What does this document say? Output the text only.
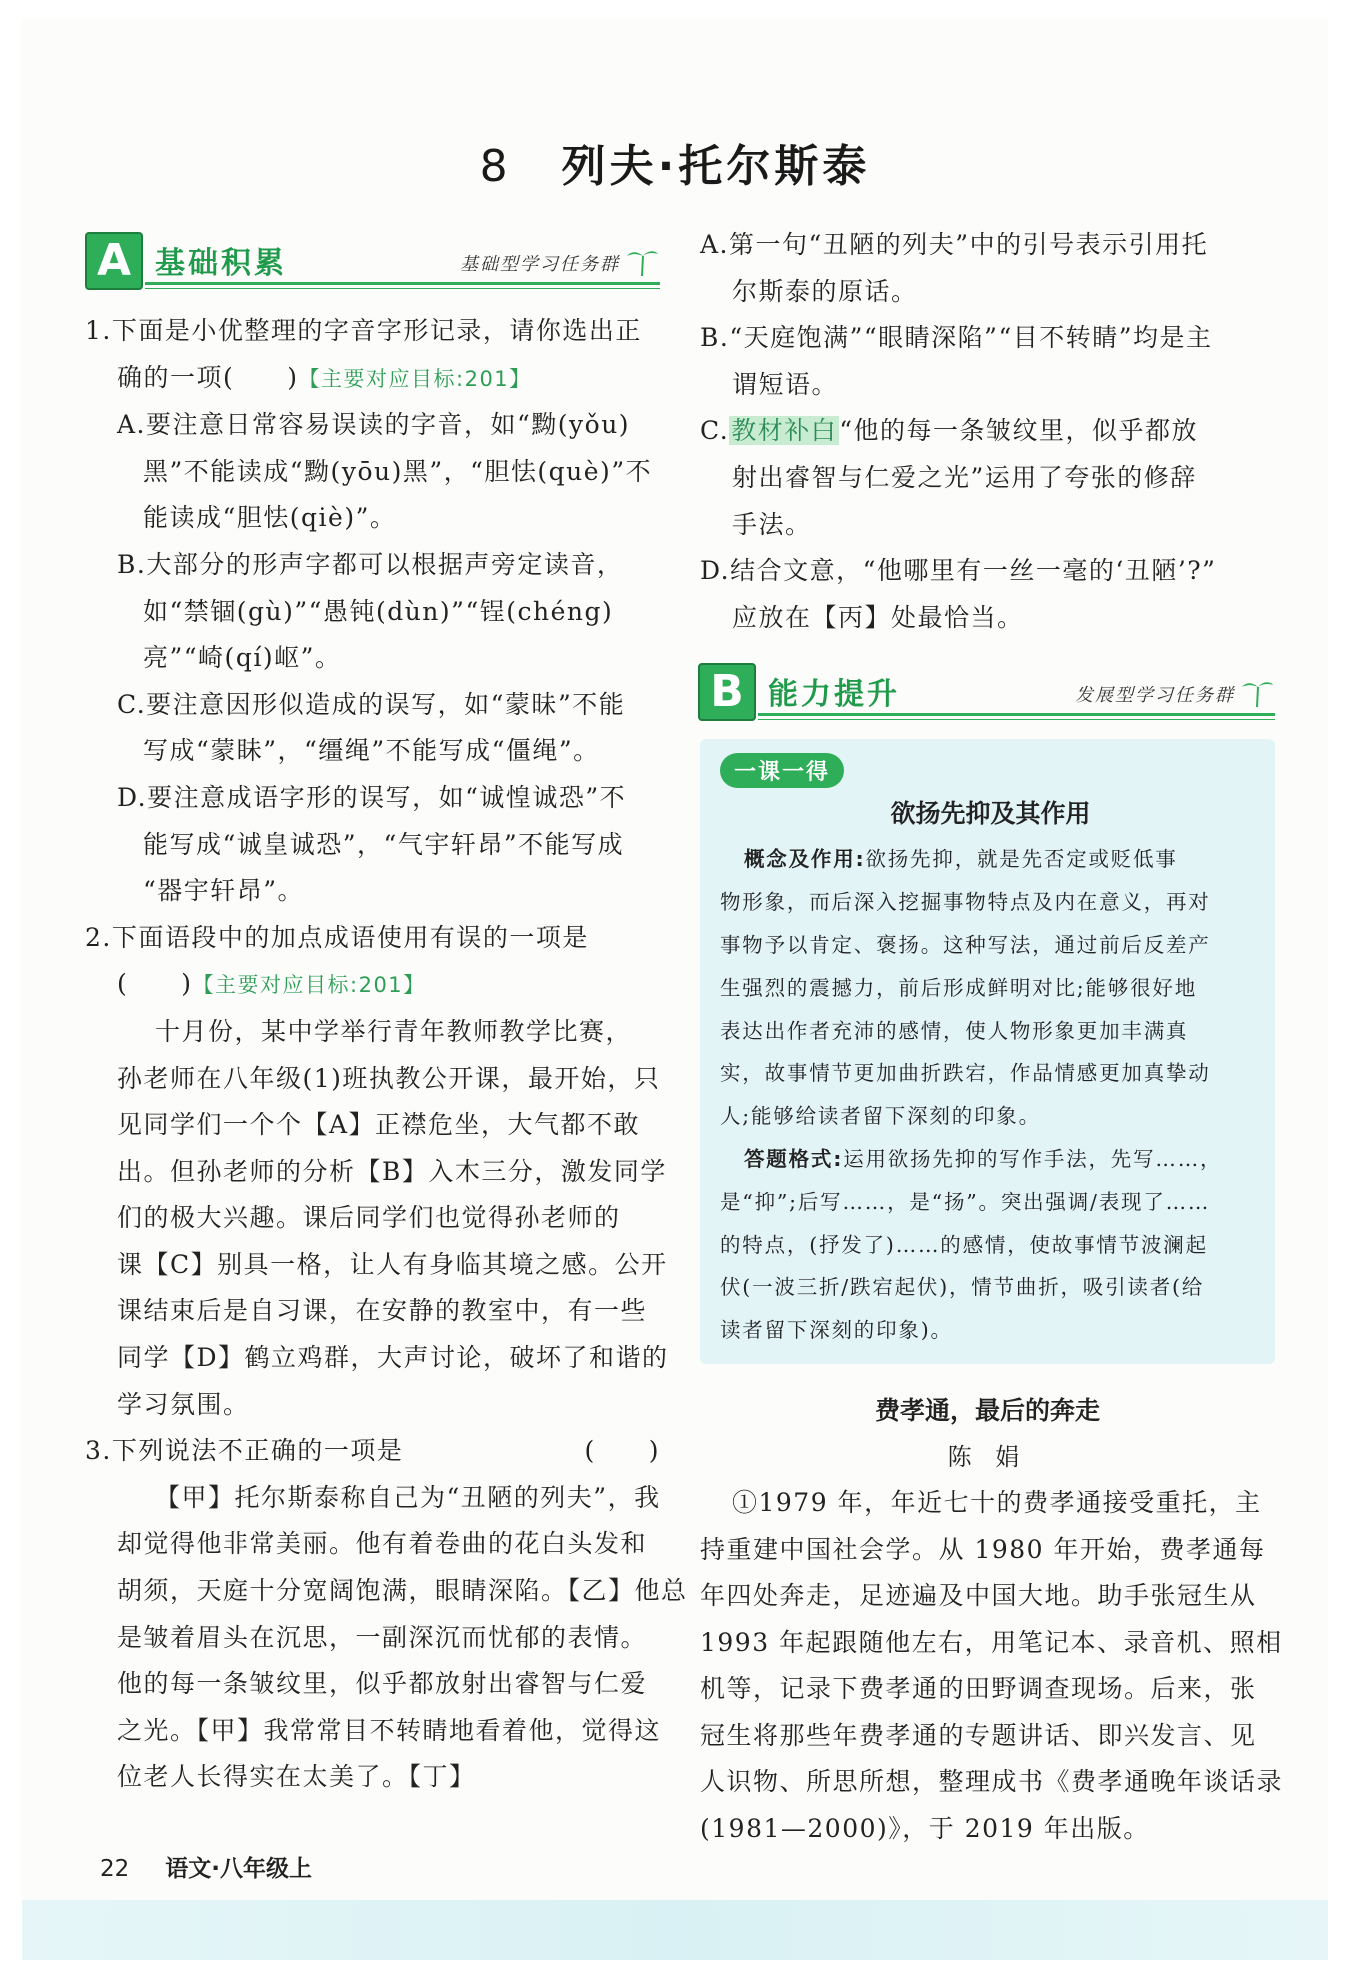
8 列夫·托尔斯泰
A 基础积累	基础型学习任务群
1.下面是小优整理的字音字形记录，请你选出正
确的一项(　　)【主要对应目标:201】
A.要注意日常容易误读的字音，如“黝(yǒu)
黑”不能读成“黝(yōu)黑”，“胆怯(què)”不
能读成“胆怯(qiè)”。
B.大部分的形声字都可以根据声旁定读音，
如“禁锢(gù)”“愚钝(dùn)”“锃(chéng)
亮”“崎(qí)岖”。
C.要注意因形似造成的误写，如“蒙昧”不能
写成“蒙眛”，“缰绳”不能写成“僵绳”。
D.要注意成语字形的误写，如“诚惶诚恐”不
能写成“诚皇诚恐”，“气宇轩昂”不能写成
“器宇轩昂”。
2.下面语段中的加点成语使用有误的一项是
(　　)【主要对应目标:201】
十月份，某中学举行青年教师教学比赛，
孙老师在八年级(1)班执教公开课，最开始，只
见同学们一个个【A】正襟危坐，大气都不敢
出。但孙老师的分析【B】入木三分，激发同学
们的极大兴趣。课后同学们也觉得孙老师的
课【C】别具一格，让人有身临其境之感。公开
课结束后是自习课，在安静的教室中，有一些
同学【D】鹤立鸡群，大声讨论，破坏了和谐的
学习氛围。
3.下列说法不正确的一项是	(　　)
【甲】托尔斯泰称自己为“丑陋的列夫”，我
却觉得他非常美丽。他有着卷曲的花白头发和
胡须，天庭十分宽阔饱满，眼睛深陷。【乙】他总
是皱着眉头在沉思，一副深沉而忧郁的表情。
他的每一条皱纹里，似乎都放射出睿智与仁爱
之光。【甲】我常常目不转睛地看着他，觉得这
位老人长得实在太美了。【丁】
A.第一句“丑陋的列夫”中的引号表示引用托
尔斯泰的原话。
B.“天庭饱满”“眼睛深陷”“目不转睛”均是主
谓短语。
C.教材补白“他的每一条皱纹里，似乎都放
射出睿智与仁爱之光”运用了夸张的修辞
手法。
D.结合文意，“他哪里有一丝一毫的‘丑陋’?”
应放在【丙】处最恰当。
B 能力提升	发展型学习任务群
一课一得
欲扬先抑及其作用
概念及作用:欲扬先抑，就是先否定或贬低事
物形象，而后深入挖掘事物特点及内在意义，再对
事物予以肯定、褒扬。这种写法，通过前后反差产
生强烈的震撼力，前后形成鲜明对比;能够很好地
表达出作者充沛的感情，使人物形象更加丰满真
实，故事情节更加曲折跌宕，作品情感更加真挚动
人;能够给读者留下深刻的印象。
答题格式:运用欲扬先抑的写作手法，先写……，
是“抑”;后写……，是“扬”。突出强调/表现了……
的特点，(抒发了)……的感情，使故事情节波澜起
伏(一波三折/跌宕起伏)，情节曲折，吸引读者(给
读者留下深刻的印象)。
费孝通，最后的奔走
陈 娟
①1979 年，年近七十的费孝通接受重托，主
持重建中国社会学。从 1980 年开始，费孝通每
年四处奔走，足迹遍及中国大地。助手张冠生从
1993 年起跟随他左右，用笔记本、录音机、照相
机等，记录下费孝通的田野调查现场。后来，张
冠生将那些年费孝通的专题讲话、即兴发言、见
人识物、所思所想，整理成书《费孝通晚年谈话录
(1981—2000)》，于 2019 年出版。
22 语文·八年级上
